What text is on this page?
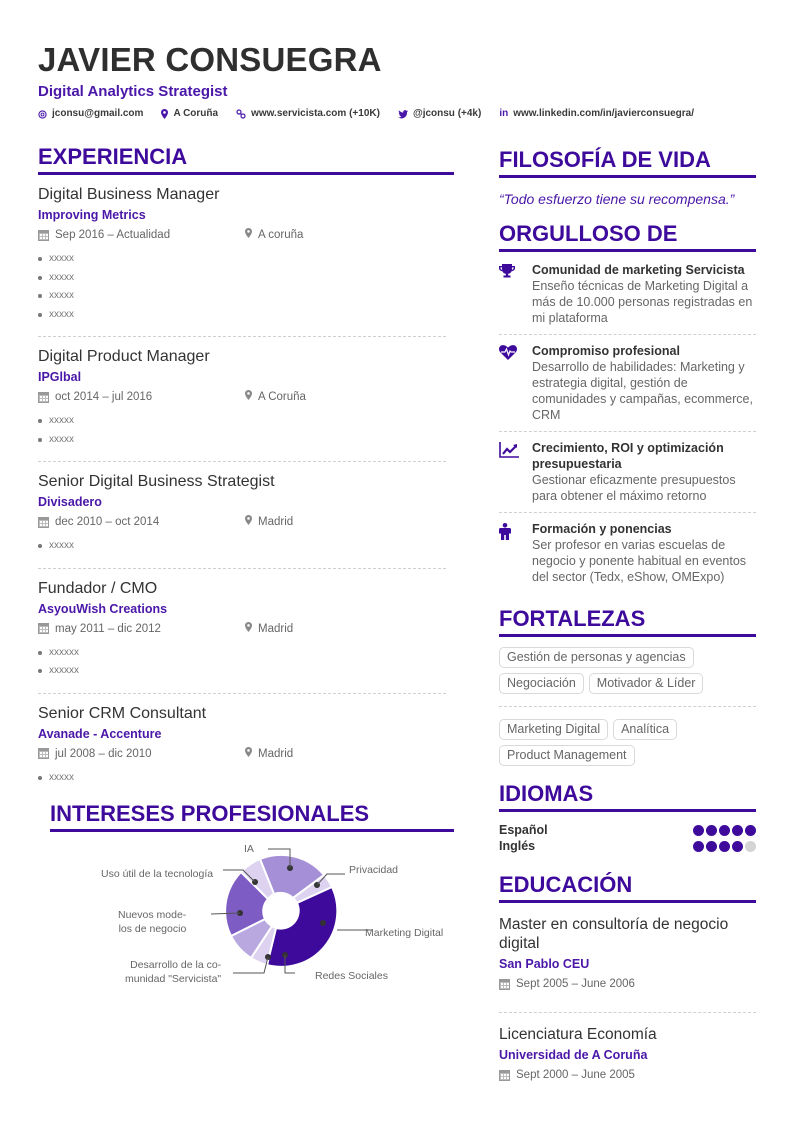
JAVIER CONSUEGRA
Digital Analytics Strategist
jconsu@gmail.com	A Coruña	www.servicista.com (+10K)	@jconsu (+4k) in www.linkedin.com/in/javierconsuegra/
EXPERIENCIA
Digital Business Manager
Improving Metrics
Sep 2016 – Actualidad	A coruña
xxxxx
xxxxx
xxxxx
xxxxx
Digital Product Manager
IPGlbal
oct 2014 – jul 2016	A Coruña
xxxxx
xxxxx
Senior Digital Business Strategist
Divisadero
dec 2010 – oct 2014	Madrid
xxxxx
Fundador / CMO
AsyouWish Creations
may 2011 – dic 2012	Madrid
xxxxxx
xxxxxx
Senior CRM Consultant
Avanade - Accenture
jul 2008 – dic 2010	Madrid
xxxxx
INTERESES PROFESIONALES
IA
Privacidad
Uso útil de la tecnología
Nuevos mode-
los de negocio	Marketing Digital
Desarrollo de la co-
munidad "Servicista"	Redes Sociales
FILOSOFÍA DE VIDA
“Todo esfuerzo tiene su recompensa.”
ORGULLOSO DE
Comunidad de marketing Servicista
Enseño técnicas de Marketing Digital a más de 10.000 personas registradas en mi plataforma
Compromiso profesional
Desarrollo de habilidades: Marketing y estrategia digital, gestión de comunidades y campañas, ecommerce, CRM
Crecimiento, ROI y optimización presupuestaria
Gestionar eficazmente presupuestos para obtener el máximo retorno
Formación y ponencias
Ser profesor en varias escuelas de negocio y ponente habitual en eventos del sector (Tedx, eShow, OMExpo)
FORTALEZAS
Gestión de personas y agencias
Negociación	Motivador & Líder
Marketing Digital	Analítica
Product Management
IDIOMAS
Español
Inglés
EDUCACIÓN
Master en consultoría de negocio digital
San Pablo CEU
Sept 2005 – June 2006
Licenciatura Economía
Universidad de A Coruña
Sept 2000 – June 2005
